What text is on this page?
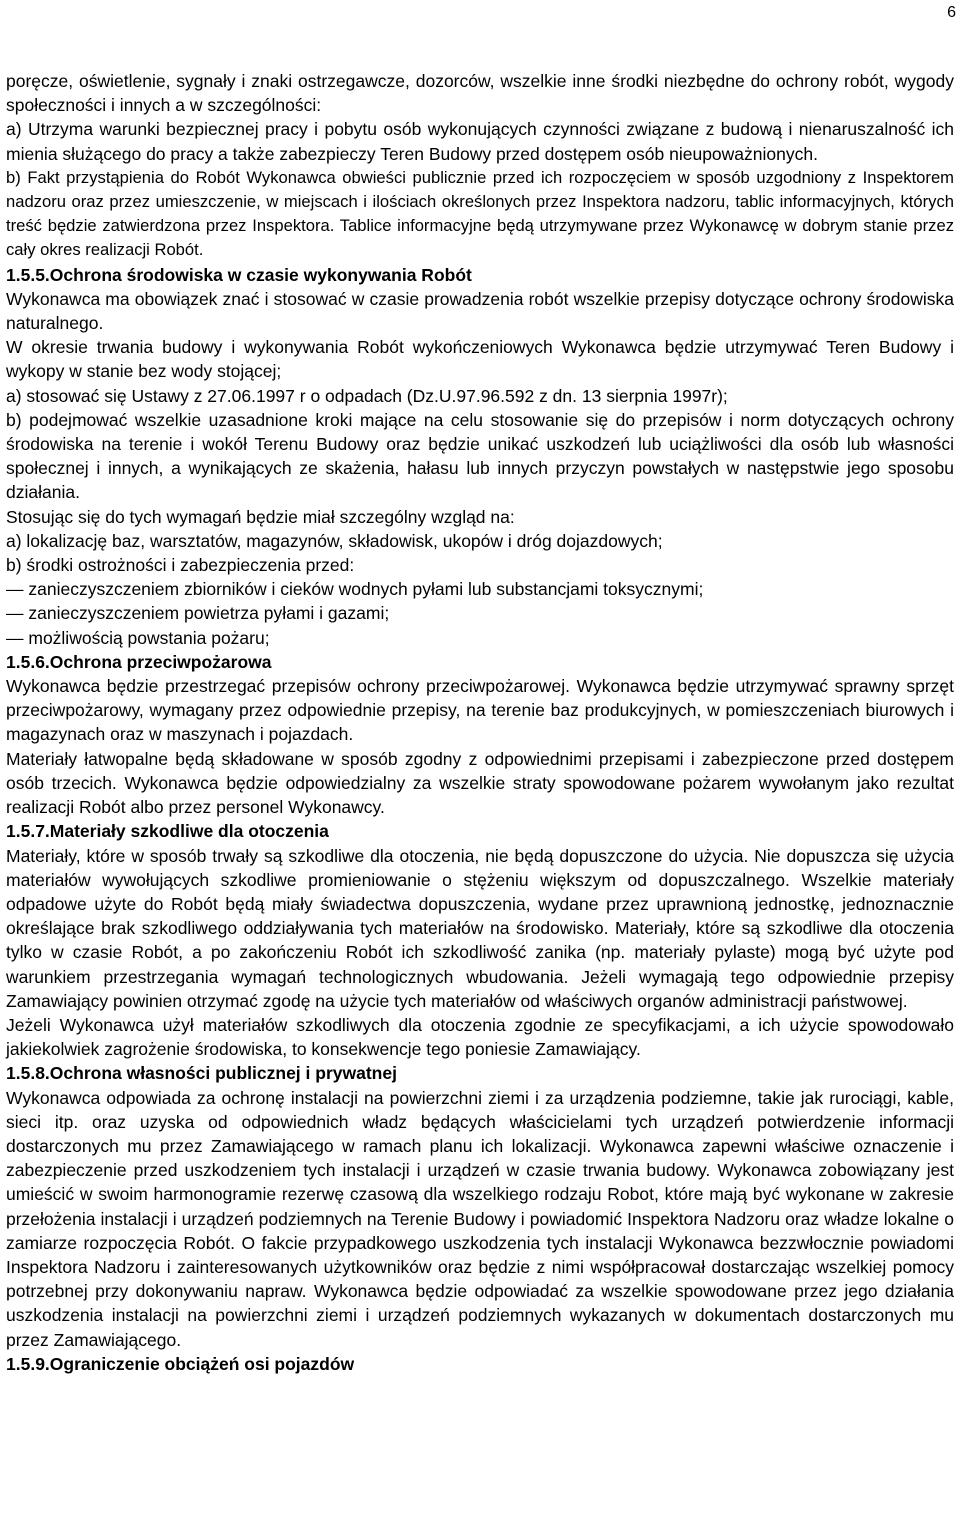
6

poręcze, oświetlenie, sygnały i znaki ostrzegawcze, dozorców, wszelkie inne środki niezbędne do ochrony robót, wygody społeczności i innych a w szczególności:

a) Utrzyma warunki bezpiecznej pracy i pobytu osób wykonujących czynności związane z budową i nienaruszalność ich mienia służącego do pracy a także zabezpieczy Teren Budowy przed dostępem osób nieupoważnionych.

b) Fakt przystąpienia do Robót Wykonawca obwieści publicznie przed ich rozpoczęciem w sposób uzgodniony z Inspektorem nadzoru oraz przez umieszczenie, w miejscach i ilościach określonych przez Inspektora nadzoru, tablic informacyjnych, których treść będzie zatwierdzona przez Inspektora. Tablice informacyjne będą utrzymywane przez Wykonawcę w dobrym stanie przez cały okres realizacji Robót.

1.5.5.Ochrona środowiska w czasie wykonywania Robót

Wykonawca ma obowiązek znać i stosować w czasie prowadzenia robót wszelkie przepisy dotyczące ochrony środowiska naturalnego.

W okresie trwania budowy i wykonywania Robót wykończeniowych Wykonawca będzie utrzymywać Teren Budowy i wykopy w stanie bez wody stojącej;

a) stosować się Ustawy z 27.06.1997 r o odpadach (Dz.U.97.96.592 z dn. 13 sierpnia 1997r);

b) podejmować wszelkie uzasadnione kroki mające na celu stosowanie się do przepisów i norm dotyczących ochrony środowiska na terenie i wokół Terenu Budowy oraz będzie unikać uszkodzeń lub uciążliwości dla osób lub własności społecznej i innych, a wynikających ze skażenia, hałasu lub innych przyczyn powstałych w następstwie jego sposobu działania.

Stosując się do tych wymagań będzie miał szczególny wzgląd na:

a) lokalizację baz, warsztatów, magazynów, składowisk, ukopów i dróg dojazdowych;

b) środki ostrożności i zabezpieczenia przed:

— zanieczyszczeniem zbiorników i cieków wodnych pyłami lub substancjami toksycznymi;

— zanieczyszczeniem powietrza pyłami i gazami;

— możliwością powstania pożaru;

1.5.6.Ochrona przeciwpożarowa

Wykonawca będzie przestrzegać przepisów ochrony przeciwpożarowej. Wykonawca będzie utrzymywać sprawny sprzęt przeciwpożarowy, wymagany przez odpowiednie przepisy, na terenie baz produkcyjnych, w pomieszczeniach biurowych i magazynach oraz w maszynach i pojazdach.

Materiały łatwopalne będą składowane w sposób zgodny z odpowiednimi przepisami i zabezpieczone przed dostępem osób trzecich. Wykonawca będzie odpowiedzialny za wszelkie straty spowodowane pożarem wywołanym jako rezultat realizacji Robót albo przez personel Wykonawcy.

1.5.7.Materiały szkodliwe dla otoczenia

Materiały, które w sposób trwały są szkodliwe dla otoczenia, nie będą dopuszczone do użycia. Nie dopuszcza się użycia materiałów wywołujących szkodliwe promieniowanie o stężeniu większym od dopuszczalnego. Wszelkie materiały odpadowe użyte do Robót będą miały świadectwa dopuszczenia, wydane przez uprawnioną jednostkę, jednoznacznie określające brak szkodliwego oddziaływania tych materiałów na środowisko. Materiały, które są szkodliwe dla otoczenia tylko w czasie Robót, a po zakończeniu Robót ich szkodliwość zanika (np. materiały pylaste) mogą być użyte pod warunkiem przestrzegania wymagań technologicznych wbudowania. Jeżeli wymagają tego odpowiednie przepisy Zamawiający powinien otrzymać zgodę na użycie tych materiałów od właściwych organów administracji państwowej.

Jeżeli Wykonawca użył materiałów szkodliwych dla otoczenia zgodnie ze specyfikacjami, a ich użycie spowodowało jakiekolwiek zagrożenie środowiska, to konsekwencje tego poniesie Zamawiający.

1.5.8.Ochrona własności publicznej i prywatnej

Wykonawca odpowiada za ochronę instalacji na powierzchni ziemi i za urządzenia podziemne, takie jak rurociągi, kable, sieci itp. oraz uzyska od odpowiednich władz będących właścicielami tych urządzeń potwierdzenie informacji dostarczonych mu przez Zamawiającego w ramach planu ich lokalizacji. Wykonawca zapewni właściwe oznaczenie i zabezpieczenie przed uszkodzeniem tych instalacji i urządzeń w czasie trwania budowy. Wykonawca zobowiązany jest umieścić w swoim harmonogramie rezerwę czasową dla wszelkiego rodzaju Robot, które mają być wykonane w zakresie przełożenia instalacji i urządzeń podziemnych na Terenie Budowy i powiadomić Inspektora Nadzoru oraz władze lokalne o zamiarze rozpoczęcia Robót. O fakcie przypadkowego uszkodzenia tych instalacji Wykonawca bezzwłocznie powiadomi Inspektora Nadzoru i zainteresowanych użytkowników oraz będzie z nimi współpracował dostarczając wszelkiej pomocy potrzebnej przy dokonywaniu napraw. Wykonawca będzie odpowiadać za wszelkie spowodowane przez jego działania uszkodzenia instalacji na powierzchni ziemi i urządzeń podziemnych wykazanych w dokumentach dostarczonych mu przez Zamawiającego.

1.5.9.Ograniczenie obciążeń osi pojazdów
